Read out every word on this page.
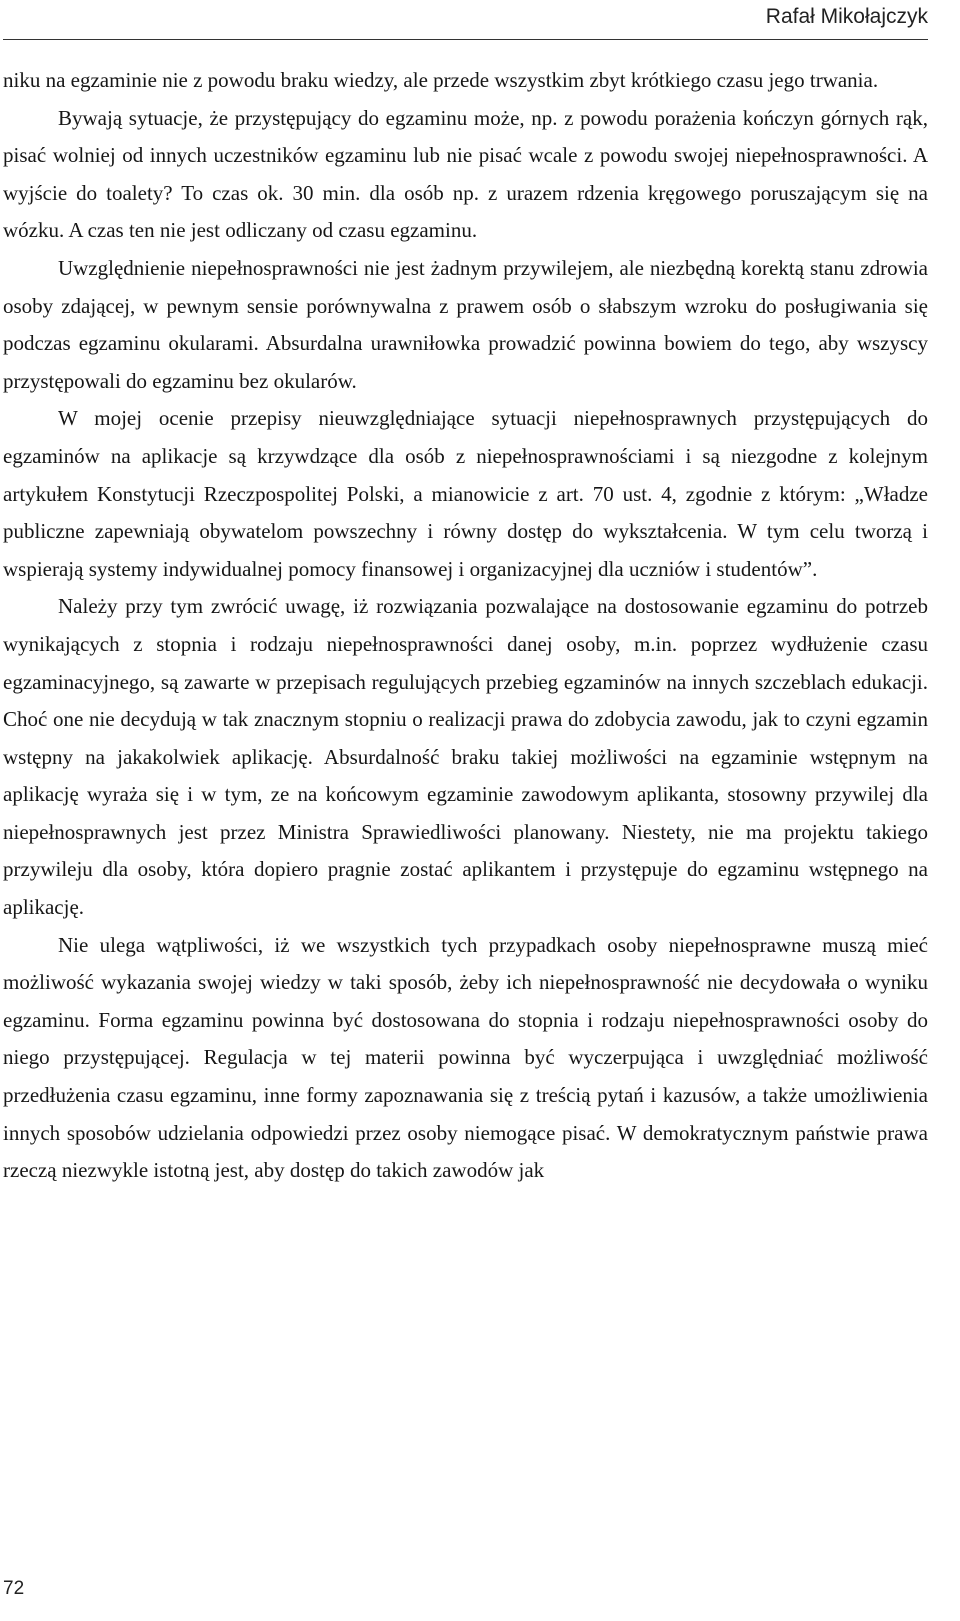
Rafał Mikołajczyk

niku na egzaminie nie z powodu braku wiedzy, ale przede wszystkim zbyt krótkiego czasu jego trwania.

Bywają sytuacje, że przystępujący do egzaminu może, np. z powodu porażenia kończyn górnych rąk, pisać wolniej od innych uczestników egzaminu lub nie pisać wcale z powodu swojej niepełnosprawności. A wyjście do toalety? To czas ok. 30 min. dla osób np. z urazem rdzenia kręgowego poruszającym się na wózku. A czas ten nie jest odliczany od czasu egzaminu.

Uwzględnienie niepełnosprawności nie jest żadnym przywilejem, ale niezbędną korektą stanu zdrowia osoby zdającej, w pewnym sensie porównywalna z prawem osób o słabszym wzroku do posługiwania się podczas egzaminu okularami. Absurdalna urawniłowka prowadzić powinna bowiem do tego, aby wszyscy przystępowali do egzaminu bez okularów.

W mojej ocenie przepisy nieuwzględniające sytuacji niepełnosprawnych przystępujących do egzaminów na aplikacje są krzywdzące dla osób z niepełnosprawnościami i są niezgodne z kolejnym artykułem Konstytucji Rzeczpospolitej Polski, a mianowicie z art. 70 ust. 4, zgodnie z którym: „Władze publiczne zapewniają obywatelom powszechny i równy dostęp do wykształcenia. W tym celu tworzą i wspierają systemy indywidualnej pomocy finansowej i organizacyjnej dla uczniów i studentów”.

Należy przy tym zwrócić uwagę, iż rozwiązania pozwalające na dostosowanie egzaminu do potrzeb wynikających z stopnia i rodzaju niepełnosprawności danej osoby, m.in. poprzez wydłużenie czasu egzaminacyjnego, są zawarte w przepisach regulujących przebieg egzaminów na innych szczeblach edukacji. Choć one nie decydują w tak znacznym stopniu o realizacji prawa do zdobycia zawodu, jak to czyni egzamin wstępny na jakakolwiek aplikację. Absurdalność braku takiej możliwości na egzaminie wstępnym na aplikację wyraża się i w tym, ze na końcowym egzaminie zawodowym aplikanta, stosowny przywilej dla niepełnosprawnych jest przez Ministra Sprawiedliwości planowany. Niestety, nie ma projektu takiego przywileju dla osoby, która dopiero pragnie zostać aplikantem i przystępuje do egzaminu wstępnego na aplikację.

Nie ulega wątpliwości, iż we wszystkich tych przypadkach osoby niepełnosprawne muszą mieć możliwość wykazania swojej wiedzy w taki sposób, żeby ich niepełnosprawność nie decydowała o wyniku egzaminu. Forma egzaminu powinna być dostosowana do stopnia i rodzaju niepełnosprawności osoby do niego przystępującej. Regulacja w tej materii powinna być wyczerpująca i uwzględniać możliwość przedłużenia czasu egzaminu, inne formy zapoznawania się z treścią pytań i kazusów, a także umożliwienia innych sposobów udzielania odpowiedzi przez osoby niemogące pisać. W demokratycznym państwie prawa rzeczą niezwykle istotną jest, aby dostęp do takich zawodów jak

72
